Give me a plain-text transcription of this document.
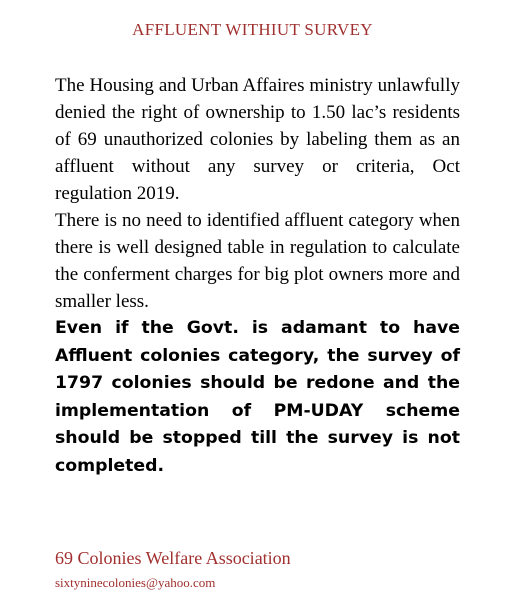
AFFLUENT WITHIUT SURVEY

The Housing and Urban Affaires ministry unlawfully denied the right of ownership to 1.50 lac’s residents of 69 unauthorized colonies by labeling them as an affluent without any survey or criteria, Oct regulation 2019.

There is no need to identified affluent category when there is well designed table in regulation to calculate the conferment charges for big plot owners more and smaller less.

Even if the Govt. is adamant to have Affluent colonies category, the survey of 1797 colonies should be redone and the implementation of PM-UDAY scheme should be stopped till the survey is not completed.

69 Colonies Welfare Association
sixtyninecolonies@yahoo.com
